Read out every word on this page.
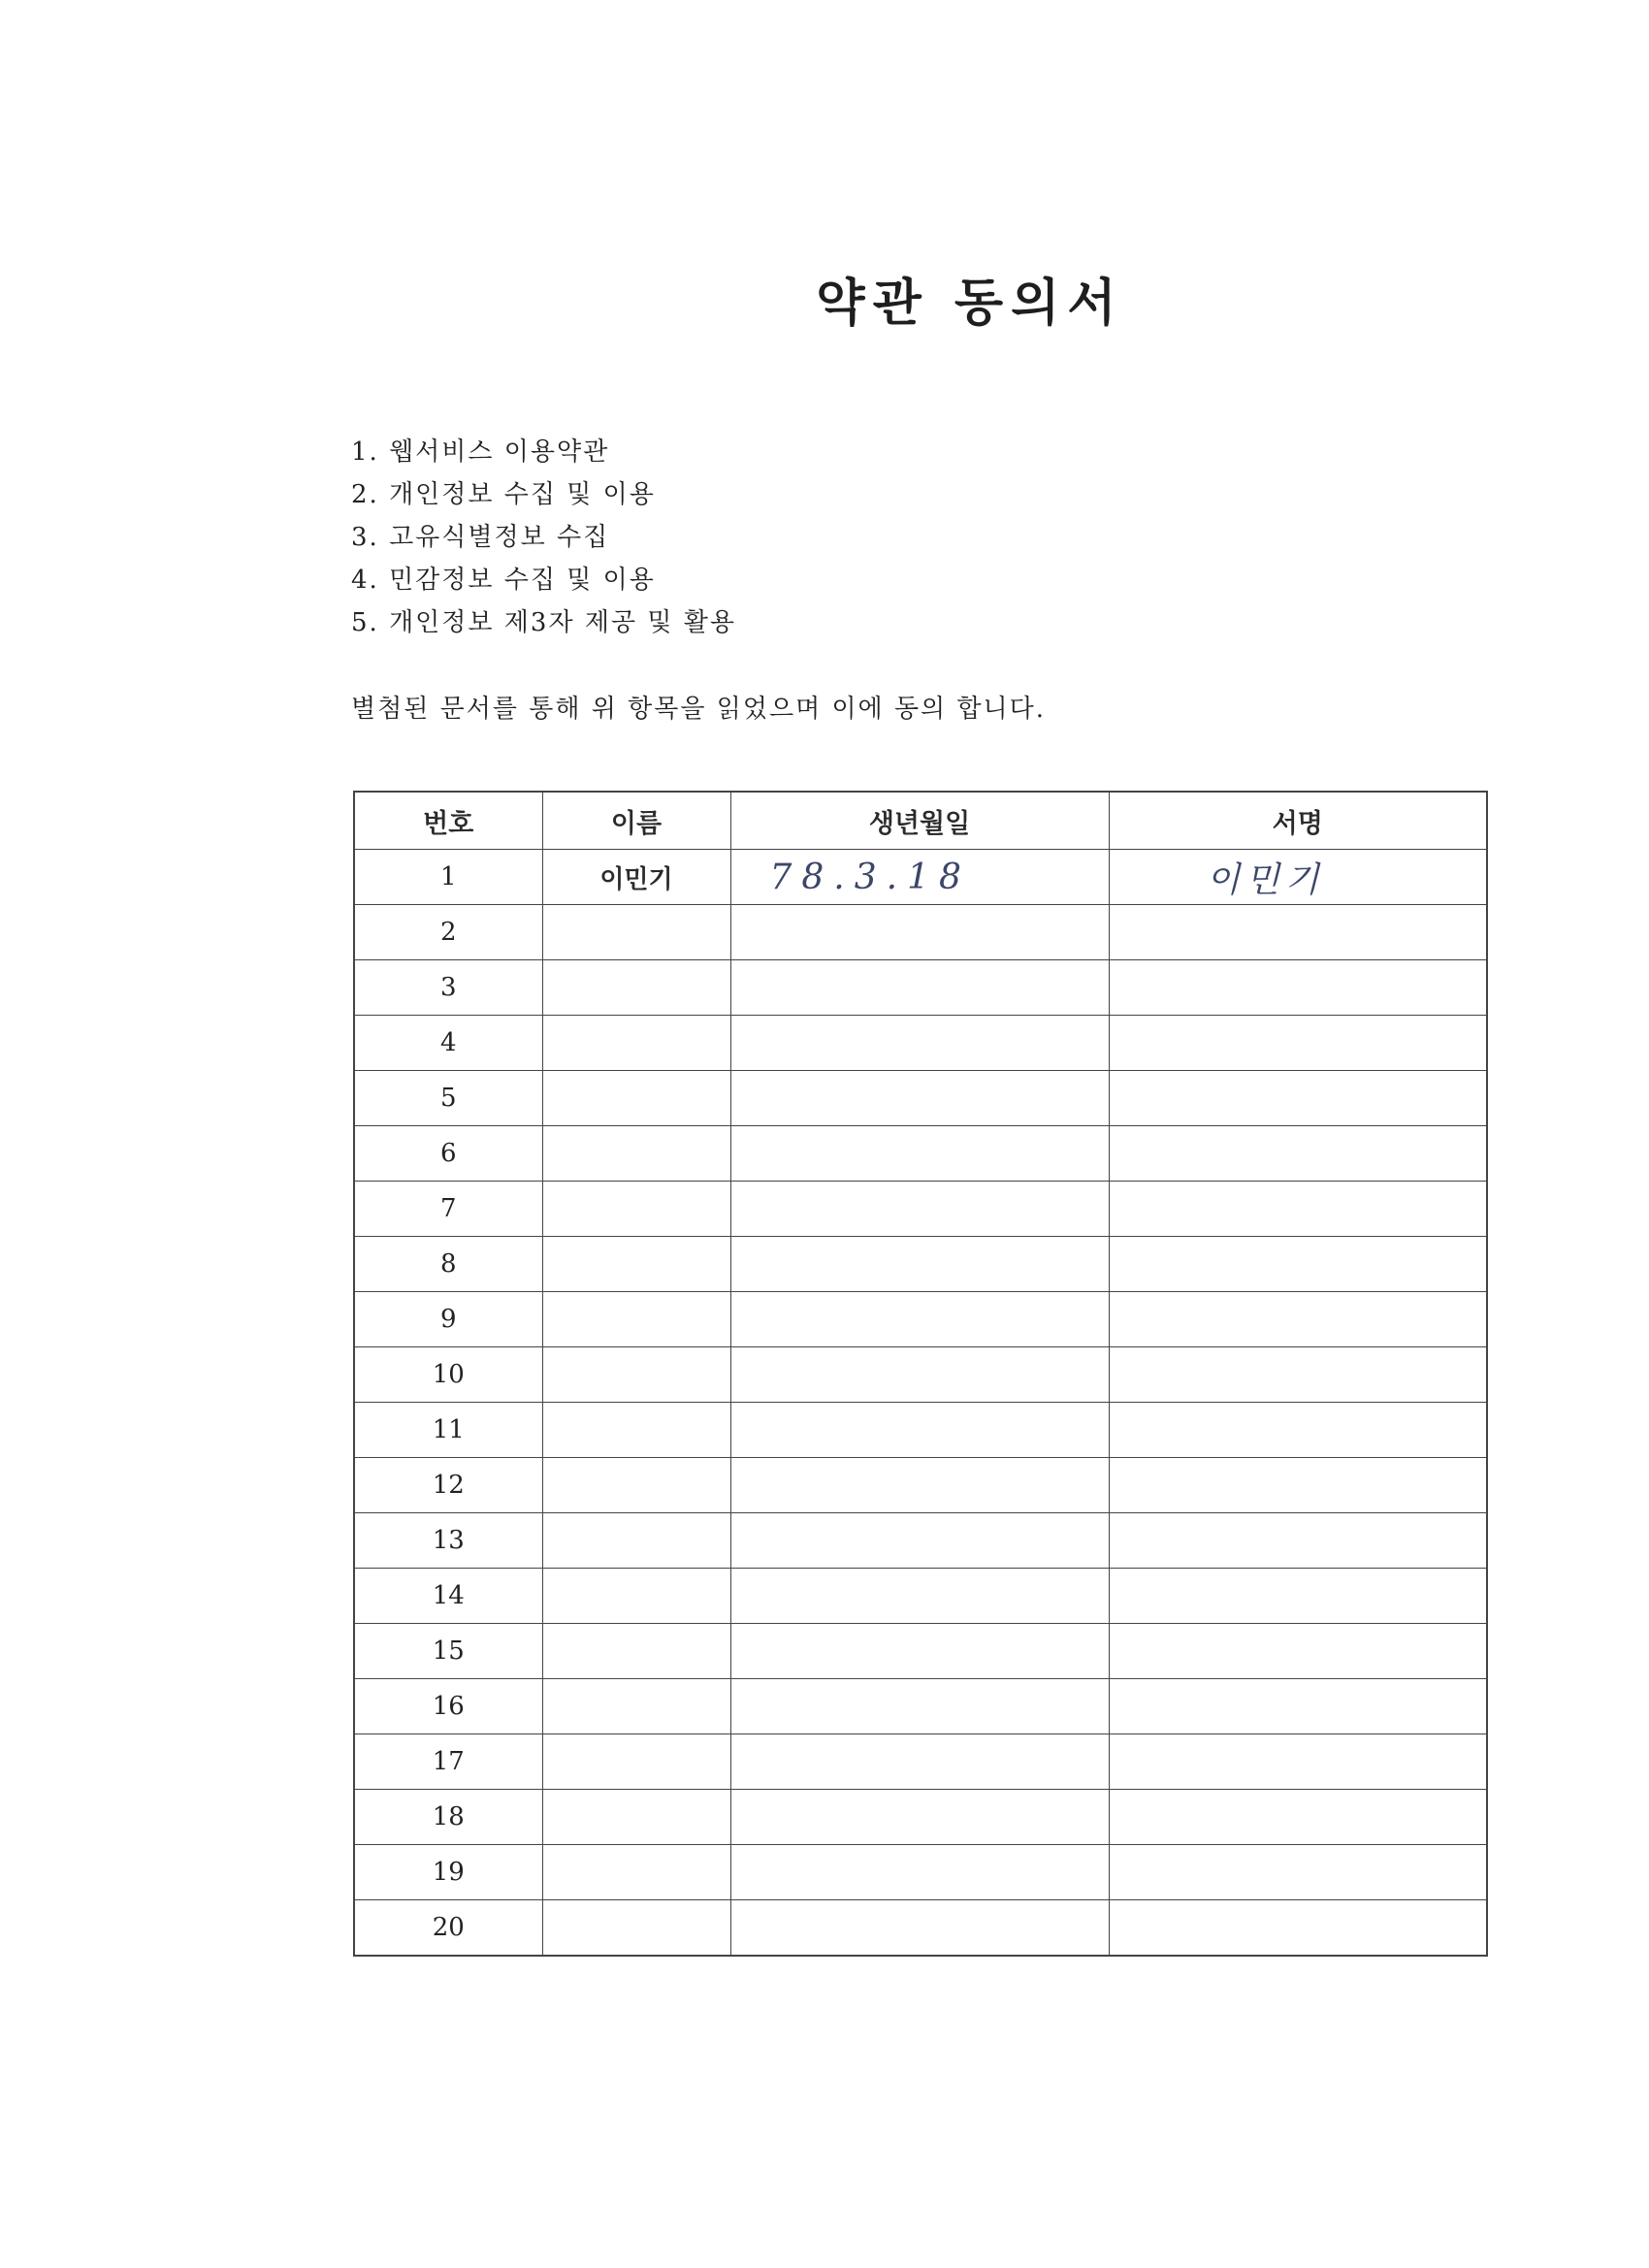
약관 동의서
1. 웹서비스 이용약관
2. 개인정보 수집 및 이용
3. 고유식별정보 수집
4. 민감정보 수집 및 이용
5. 개인정보 제3자 제공 및 활용
별첨된 문서를 통해 위 항목을 읽었으며 이에 동의 합니다.
번호	이름	생년월일	서명
1	이민기	78.3.18	이민기
2			
3			
4			
5			
6			
7			
8			
9			
10			
11			
12			
13			
14			
15			
16			
17			
18			
19			
20			
